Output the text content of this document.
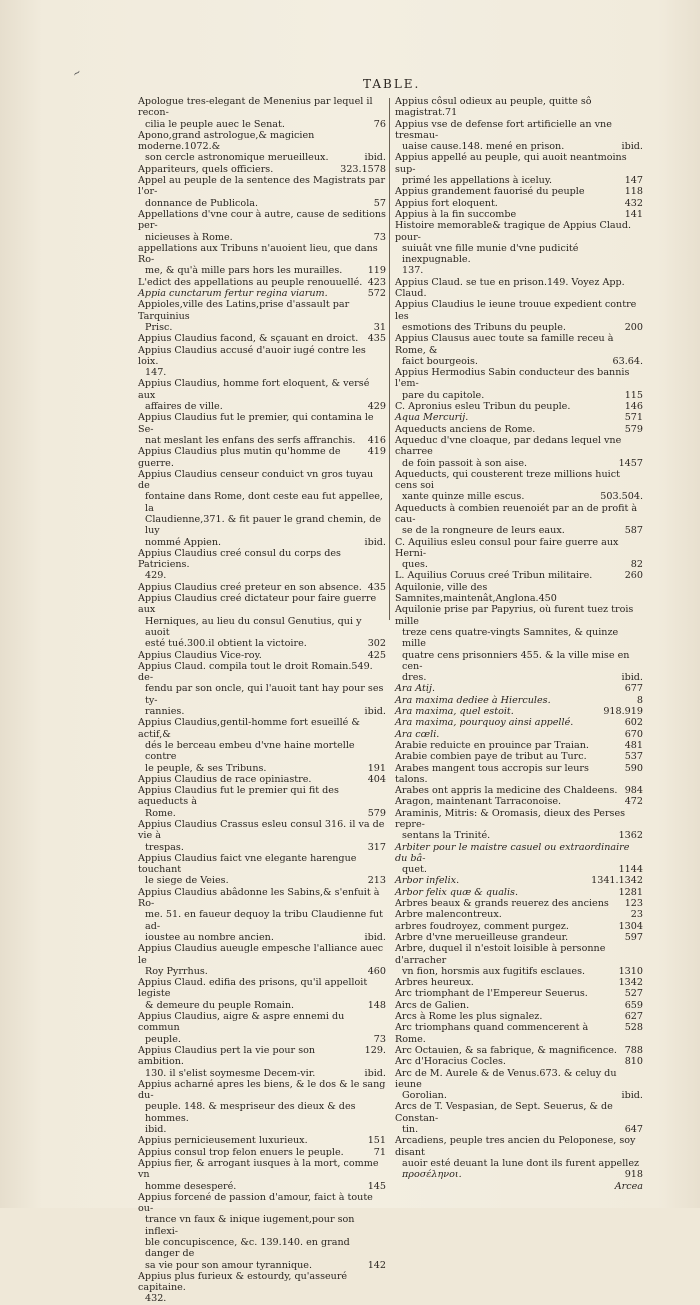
~
TABLE.
Apologue tres-elegant de Menenius par lequel il recon-
76
cilia le peuple auec le Senat.
Apono,grand astrologue,& magicien moderne.1072.&
ibid.
son cercle astronomique merueilleux.
323.1578
Appariteurs, quels officiers.
Appel au peuple de la sentence des Magistrats par l'or-
57
donnance de Publicola.
Appellations d'vne cour à autre, cause de seditions per-
73
nicieuses à Rome.
appellations aux Tribuns n'auoient lieu, que dans Ro-
119
me, & qu'à mille pars hors les murailles.
423
L'edict des appellations au peuple renouuellé.
572
Appia cunctarum fertur regina viarum.
Appioles,ville des Latins,prise d'assault par Tarquinius
31
Prisc.
435
Appius Claudius facond, & sçauant en droict.
Appius Claudius accusé d'auoir iugé contre les loix.
147.
Appius Claudius, homme fort eloquent, & versé aux
429
affaires de ville.
Appius Claudius fut le premier, qui contamina le Se-
416
nat meslant les enfans des serfs affranchis.
419
Appius Claudius plus mutin qu'homme de guerre.
Appius Claudius censeur conduict vn gros tuyau de
fontaine dans Rome, dont ceste eau fut appellee, la
Claudienne,371. & fit pauer le grand chemin, de luy
ibid.
nommé Appien.
Appius Claudius creé consul du corps des Patriciens.
429.
435
Appius Claudius creé preteur en son absence.
Appius Claudius creé dictateur pour faire guerre aux
Herniques, au lieu du consul Genutius, qui y auoit
302
esté tué.300.il obtient la victoire.
425
Appius Claudius Vice-roy.
Appius Claud. compila tout le droit Romain.549. de-
fendu par son oncle, qui l'auoit tant hay pour ses ty-
ibid.
rannies.
Appius Claudius,gentil-homme fort esueillé & actif,&
dés le berceau embeu d'vne haine mortelle contre
191
le peuple, & ses Tribuns.
404
Appius Claudius de race opiniastre.
Appius Claudius fut le premier qui fit des aqueducts à
579
Rome.
Appius Claudius Crassus esleu consul 316. il va de vie à
317
trespas.
Appius Claudius faict vne elegante harengue touchant
213
le siege de Veies.
Appius Claudius abâdonne les Sabins,& s'enfuit à Ro-
me. 51. en faueur dequoy la tribu Claudienne fut ad-
ibid.
ioustee au nombre ancien.
Appius Claudius aueugle empesche l'alliance auec le
460
Roy Pyrrhus.
Appius Claud. edifia des prisons, qu'il appelloit legiste
148
& demeure du peuple Romain.
Appius Claudius, aigre & aspre ennemi du commun
73
peuple.
129.
Appius Claudius pert la vie pour son ambition.
ibid.
130. il s'elist soymesme Decem-vir.
Appius acharné apres les biens, & le dos & le sang du-
peuple. 148. & mespriseur des dieux & des hommes.
ibid.
151
Appius pernicieusement luxurieux.
71
Appius consul trop felon enuers le peuple.
Appius fier, & arrogant iusques à la mort, comme vn
145
homme desesperé.
Appius forcené de passion d'amour, faict à toute ou-
trance vn faux & inique iugement,pour son inflexi-
ble concupiscence, &c. 139.140. en grand danger de
142
sa vie pour son amour tyrannique.
Appius plus furieux & estourdy, qu'asseuré capitaine.
432.
Appius côsul odieux au peuple, quitte sô magistrat.71
Appius vse de defense fort artificielle an vne tresmau-
ibid.
uaise cause.148. mené en prison.
Appius appellé au peuple, qui auoit neantmoins sup-
147
primé les appellations à iceluy.
118
Appius grandement fauorisé du peuple
432
Appius fort eloquent.
141
Appius à la fin succombe
Histoire memorable& tragique de Appius Claud. pour-
suiuât vne fille munie d'vne pudicité inexpugnable.
137.
Appius Claud. se tue en prison.149. Voyez App. Claud.
Appius Claudius le ieune trouue expedient contre les
200
esmotions des Tribuns du peuple.
Appius Clausus auec toute sa famille receu à Rome, &
63.64.
faict bourgeois.
Appius Hermodius Sabin conducteur des bannis l'em-
115
pare du capitole.
146
C. Apronius esleu Tribun du peuple.
571
Aqua Mercurij.
579
Aqueducts anciens de Rome.
Aqueduc d'vne cloaque, par dedans lequel vne charree
1457
de foin passoit à son aise.
Aqueducts, qui cousterent treze millions huict cens soi
503.504.
xante quinze mille escus.
Aqueducts à combien reuenoiét par an de profit à cau-
587
se de la rongneure de leurs eaux.
C. Aquilius esleu consul pour faire guerre aux Herni-
82
ques.
260
L. Aquilius Coruus creé Tribun militaire.
Aquilonie, ville des Samnites,maintenât,Anglona.450
Aquilonie prise par Papyrius, où furent tuez trois mille
treze cens quatre-vingts Samnites, & quinze mille
quatre cens prisonniers 455. & la ville mise en cen-
ibid.
dres.
677
Ara Atij.
8
Ara maxima dediee à Hiercules.
918.919
Ara maxima, quel estoit.
602
Ara maxima, pourquoy ainsi appellé.
670
Ara cœli.
481
Arabie reduicte en prouince par Traian.
537
Arabie combien paye de tribut au Turc.
590
Arabes mangent tous accropis sur leurs talons.
984
Arabes ont appris la medicine des Chaldeens.
472
Aragon, maintenant Tarraconoise.
Araminis, Mitris: & Oromasis, dieux des Perses repre-
1362
sentans la Trinité.
Arbiter pour le maistre casuel ou extraordinaire du bâ-
1144
quet.
1341.1342
Arbor infelix.
1281
Arbor felix quæ & qualis.
123
Arbres beaux & grands reuerez des anciens
23
Arbre malencontreux.
1304
arbres foudroyez, comment purgez.
597
Arbre d'vne merueilleuse grandeur.
Arbre, duquel il n'estoit loisible à personne d'arracher
1310
vn fion, horsmis aux fugitifs esclaues.
1342
Arbres heureux.
527
Arc triomphant de l'Empereur Seuerus.
659
Arcs de Galien.
627
Arcs à Rome les plus signalez.
528
Arc triomphans quand commencerent à Rome.
788
Arc Octauien, & sa fabrique, & magnificence.
810
Arc d'Horacius Cocles.
Arc de M. Aurele & de Venus.673. & celuy du ieune
ibid.
Gorolian.
Arcs de T. Vespasian, de Sept. Seuerus, & de Constan-
647
tin.
Arcadiens, peuple tres ancien du Peloponese, soy disant
auoir esté deuant la lune dont ils furent appellez
918
προσέληνοι.
Arcea
